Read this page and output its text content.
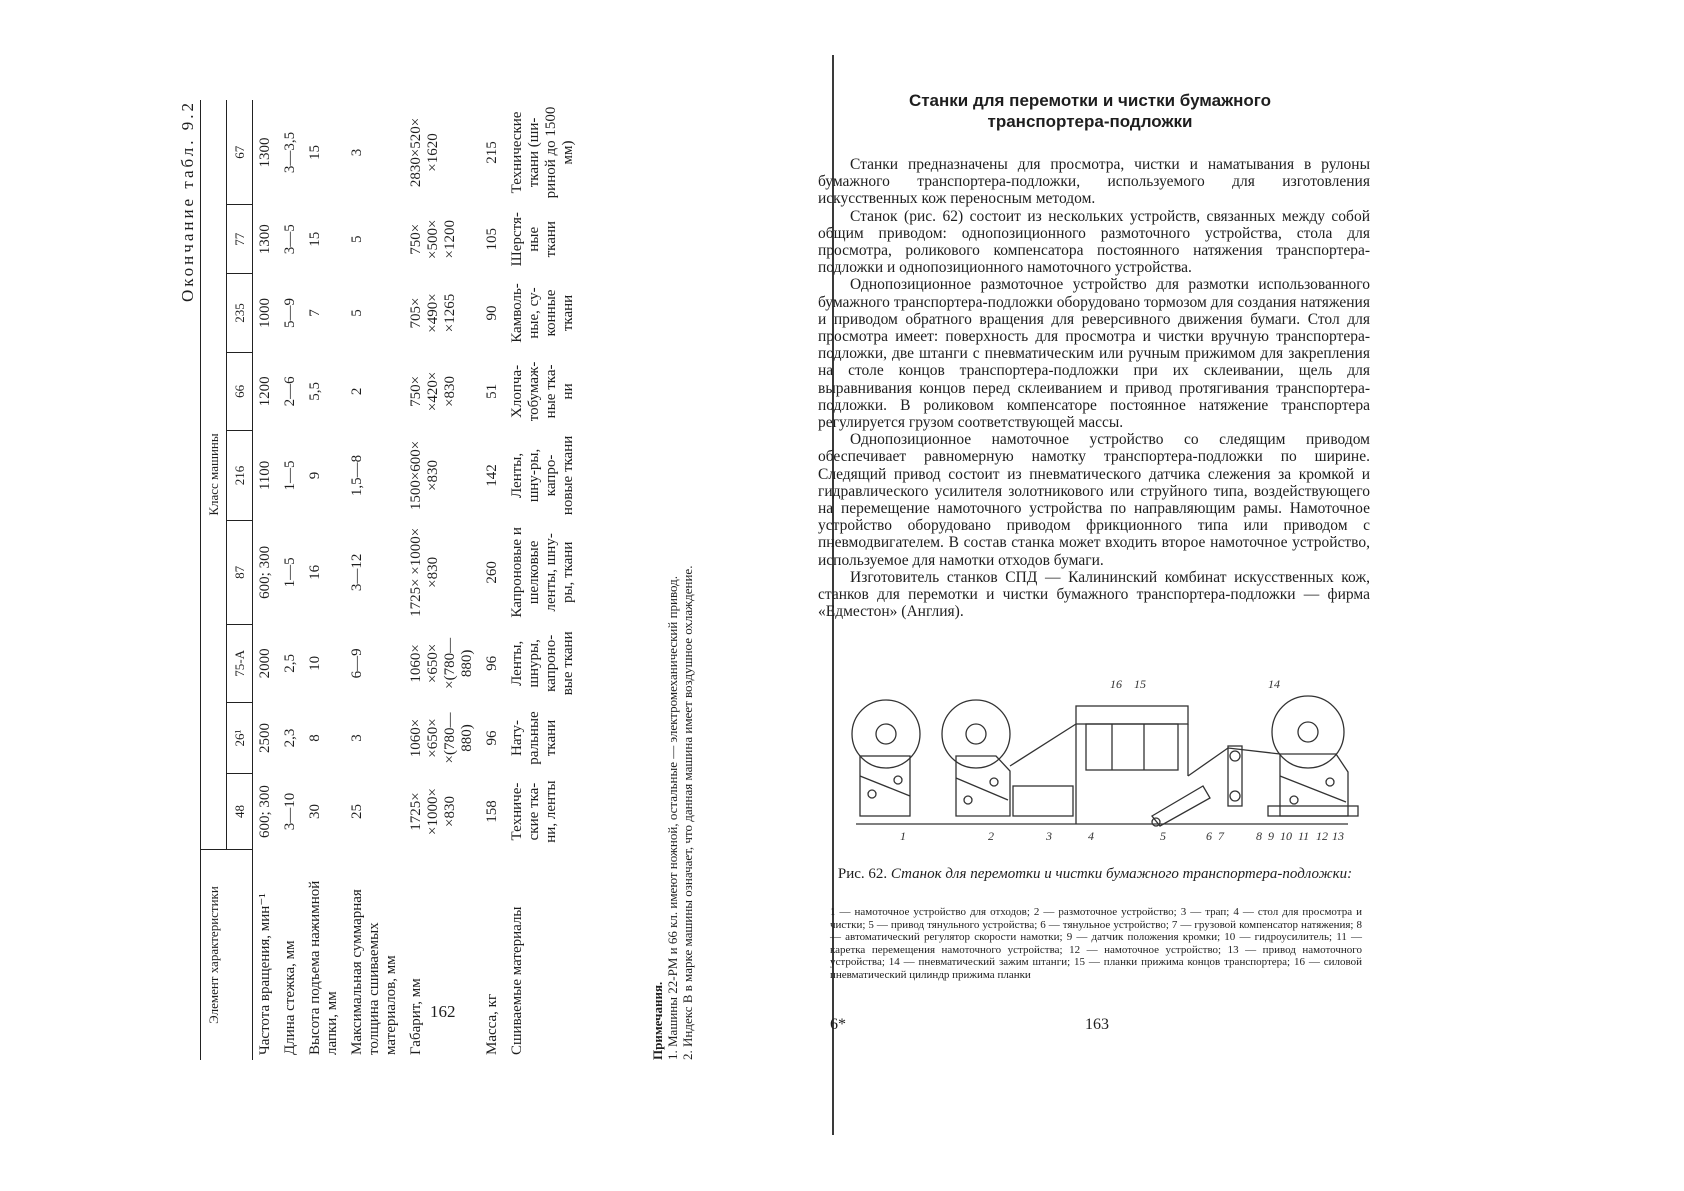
Окончание табл. 9.2
Элемент характеристики	Класс машины								
	48	26¹	75-А	87	216	66	235	77	67
Частота вращения, мин⁻¹	600; 300	2500	2000	600; 300	1100	1200	1000	1300	1300
Длина стежка, мм	3—10	2,3	2,5	1—5	1—5	2—6	5—9	3—5	3—3,5
Высота подъема нажимной лапки, мм	30	8	10	16	9	5,5	7	15	15
Максимальная суммарная толщина сшиваемых материалов, мм	25	3	6—9	3—12	1,5—8	2	5	5	3
Габарит, мм	1725× ×1000× ×830	1060× ×650× ×(780— 880)	1060× ×650× ×(780— 880)	1725× ×1000× ×830	1500×600× ×830	750× ×420× ×830	705× ×490× ×1265	750× ×500× ×1200	2830×520× ×1620
Масса, кг	158	96	96	260	142	51	90	105	215
Сшиваемые материалы	Техниче-ские тка-ни, ленты	Нату-ральные ткани	Ленты, шнуры, капроно-вые ткани	Капроновые и шелковые ленты, шну-ры, ткани	Ленты, шну-ры, капро-новые ткани	Хлопча-тобумаж-ные тка-ни	Камволь-ные, су-конные ткани	Шерстя-ные ткани	Технические ткани (ши-риной до 1500 мм)
Примечания.
1. Машины 22-РМ и 66 кл. имеют ножной, остальные — электромеханический привод.
2. Индекс В в марке машины означает, что данная машина имеет воздушное охлаждение.
162
Станки для перемотки и чистки бумажного
транспортера-подложки

Станки предназначены для просмотра, чистки и наматывания в рулоны бумажного транспортера-подложки, используемого для изготовления искусственных кож переносным методом.

Станок (рис. 62) состоит из нескольких устройств, связанных между собой общим приводом: однопозиционного размоточного устройства, стола для просмотра, роликового компенсатора постоянного натяжения транспортера-подложки и однопозиционного намоточного устройства.

Однопозиционное размоточное устройство для размотки использованного бумажного транспортера-подложки оборудовано тормозом для создания натяжения и приводом обратного вращения для реверсивного движения бумаги. Стол для просмотра имеет: поверхность для просмотра и чистки вручную транспортера-подложки, две штанги с пневматическим или ручным прижимом для закрепления на столе концов транспортера-подложки при их склеивании, щель для выравнивания концов перед склеиванием и привод протягивания транспортера-подложки. В роликовом компенсаторе постоянное натяжение транспортера регулируется грузом соответствующей массы.

Однопозиционное намоточное устройство со следящим приводом обеспечивает равномерную намотку транспортера-подложки по ширине. Следящий привод состоит из пневматического датчика слежения за кромкой и гидравлического усилителя золотникового или струйного типа, воздействующего на перемещение намоточного устройства по направляющим рамы. Намоточное устройство оборудовано приводом фрикционного типа или приводом с пневмодвигателем. В состав станка может входить второе намоточное устройство, используемое для намотки отходов бумаги.

Изготовитель станков СПД — Калининский комбинат искусственных кож, станков для перемотки и чистки бумажного транспортера-подложки — фирма «Едместон» (Англия).

16 15	14
1	2	3	4	5	6 7	8 9 10 11 12 13
Рис. 62. Станок для перемотки и чистки бумажного транспортера-подложки:
1 — намоточное устройство для отходов; 2 — размоточное устройство; 3 — трап; 4 — стол для просмотра и чистки; 5 — привод тянульного устройства; 6 — тянульное устройство; 7 — грузовой компенсатор натяжения; 8 — автоматический регулятор скорости намотки; 9 — датчик положения кромки; 10 — гидроусилитель; 11 — каретка перемещения намоточного устройства; 12 — намоточное устройство; 13 — привод намоточного устройства; 14 — пневматический зажим штанги; 15 — планки прижима концов транспортера; 16 — силовой пневматический цилиндр прижима планки
6*	163
